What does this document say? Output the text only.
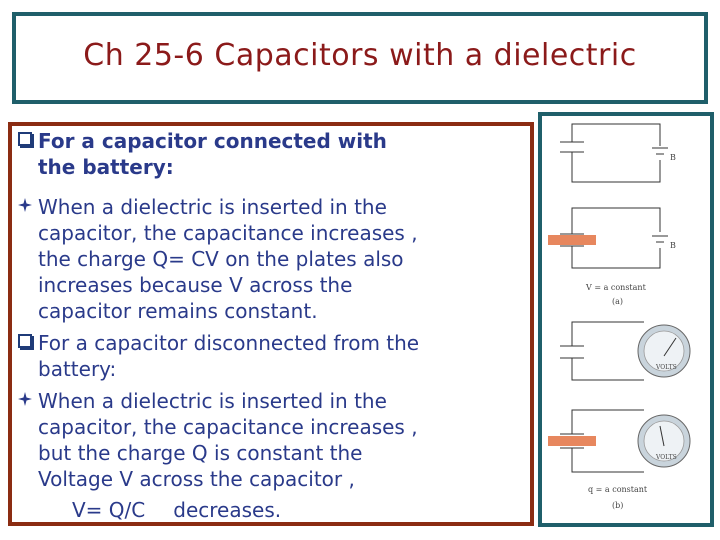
Ch 25-6 Capacitors with a dielectric
For a capacitor connected with
the battery:
When a dielectric is inserted in the
capacitor, the capacitance increases ,
the charge Q= CV on the plates also
increases because V across the
capacitor remains constant.
For a capacitor disconnected from the
battery:
When a dielectric is inserted in the
capacitor, the capacitance increases ,
but the charge Q is constant the
Voltage V across the capacitor ,

V= Q/C decreases.
B
B
V = a constant
(a)
VOLTS
VOLTS
q = a constant
(b)
